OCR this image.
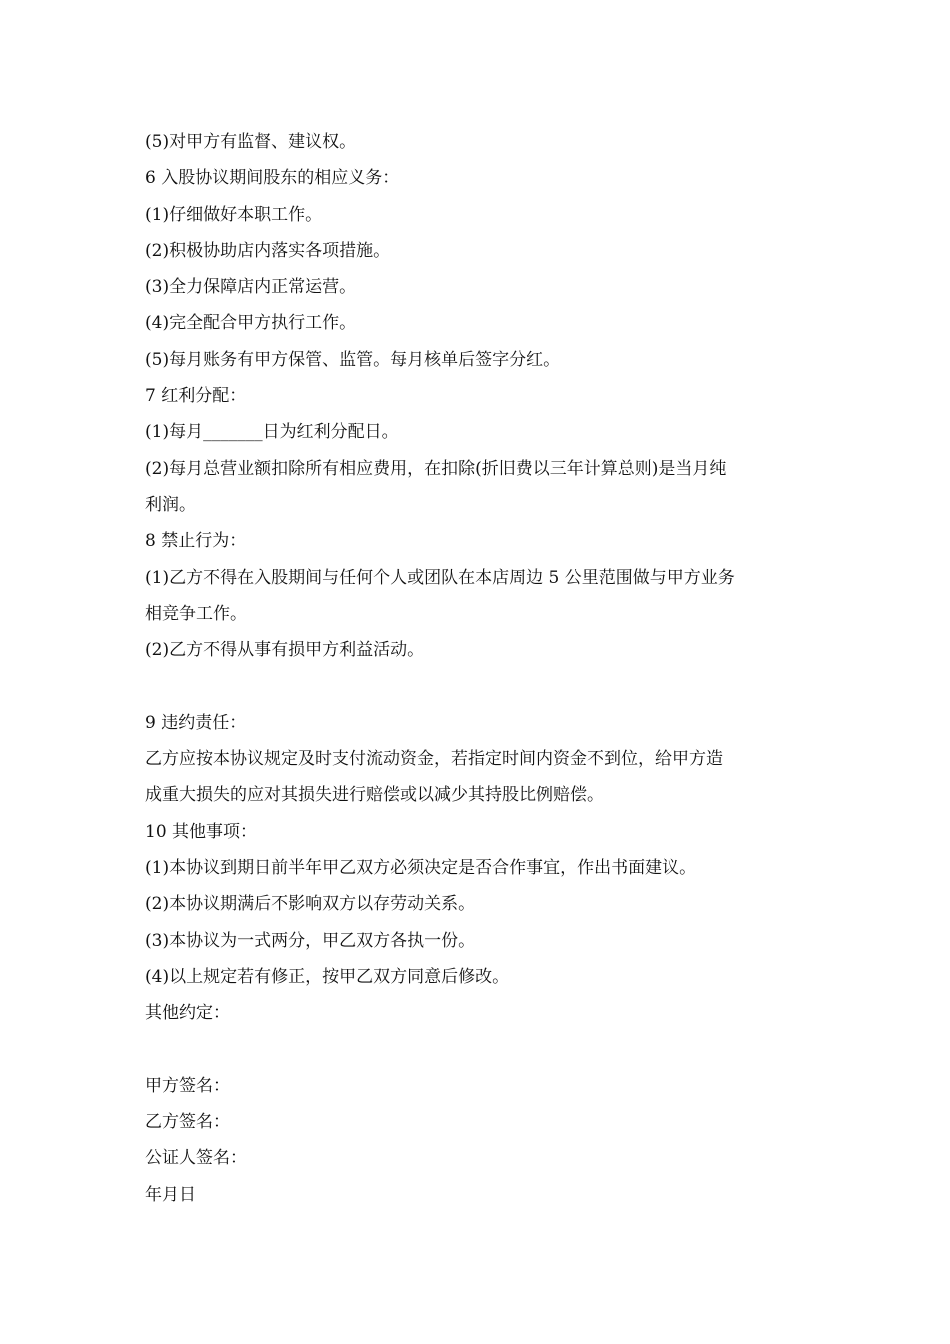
(5)对甲方有监督、建议权。
6 入股协议期间股东的相应义务：
(1)仔细做好本职工作。
(2)积极协助店内落实各项措施。
(3)全力保障店内正常运营。
(4)完全配合甲方执行工作。
(5)每月账务有甲方保管、监管。每月核单后签字分红。
7 红利分配：
(1)每月_______日为红利分配日。
(2)每月总营业额扣除所有相应费用，在扣除(折旧费以三年计算总则)是当月纯
利润。
8 禁止行为：
(1)乙方不得在入股期间与任何个人或团队在本店周边 5 公里范围做与甲方业务
相竞争工作。
(2)乙方不得从事有损甲方利益活动。
9 违约责任：
乙方应按本协议规定及时支付流动资金，若指定时间内资金不到位，给甲方造
成重大损失的应对其损失进行赔偿或以减少其持股比例赔偿。
10 其他事项：
(1)本协议到期日前半年甲乙双方必须决定是否合作事宜，作出书面建议。
(2)本协议期满后不影响双方以存劳动关系。
(3)本协议为一式两分，甲乙双方各执一份。
(4)以上规定若有修正，按甲乙双方同意后修改。
其他约定：
甲方签名：
乙方签名：
公证人签名：
年月日
